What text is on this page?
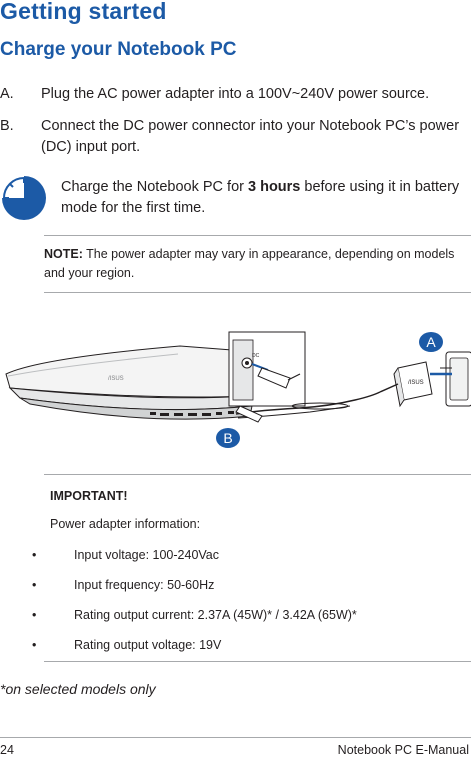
Getting started
Charge your Notebook PC
A. Plug the AC power adapter into a 100V~240V power source.
B. Connect the DC power connector into your Notebook PC’s power (DC) input port.
Charge the Notebook PC for 3 hours before using it in battery mode for the first time.
NOTE: The power adapter may vary in appearance, depending on models and your region.
/ISUS
DC
/ISUS
A
B
IMPORTANT!
Power adapter information:
•	Input voltage: 100-240Vac
•	Input frequency: 50-60Hz
•	Rating output current: 2.37A (45W)* / 3.42A (65W)*
•	Rating output voltage: 19V
*on selected models only
24	Notebook PC E-Manual
